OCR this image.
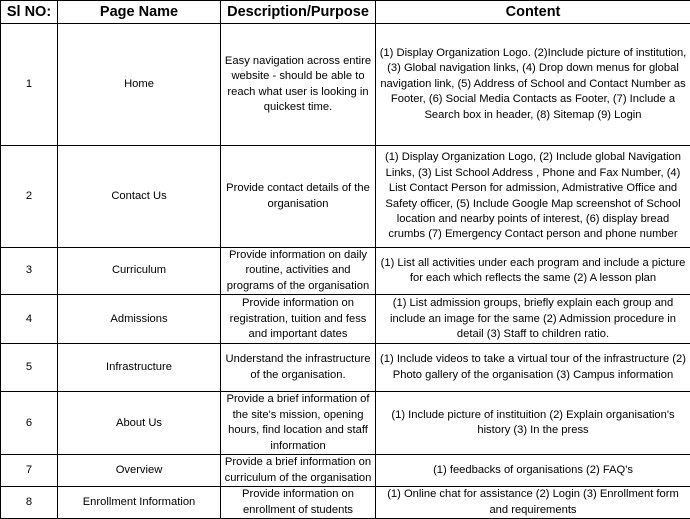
Sl NO:	Page Name	Description/Purpose	Content
1	Home	Easy navigation across entire website - should be able to reach what user is looking in quickest time.	(1) Display Organization Logo. (2)Include picture of institution, (3) Global navigation links, (4) Drop down menus for global navigation link, (5) Address of School and Contact Number as Footer, (6) Social Media Contacts as Footer, (7) Include a Search box in header, (8) Sitemap (9) Login
2	Contact Us	Provide contact details of the organisation	(1) Display Organization Logo, (2) Include global Navigation Links, (3) List School Address , Phone and Fax Number, (4) List Contact Person for admission, Admistrative Office and Safety officer, (5) Include Google Map screenshot of School location and nearby points of interest, (6) display bread crumbs (7) Emergency Contact person and phone number
3	Curriculum	Provide information on daily routine, activities and programs of the organisation	(1) List all activities under each program and include a picture for each which reflects the same (2) A lesson plan
4	Admissions	Provide information on registration, tuition and fess and important dates	(1) List admission groups, briefly explain each group and include an image for the same (2) Admission procedure in detail (3) Staff to children ratio.
5	Infrastructure	Understand the infrastructure of the organisation.	(1) Include videos to take a virtual tour of the infrastructure (2) Photo gallery of the organisation (3) Campus information
6	About Us	Provide a brief information of the site's mission, opening hours, find location and staff information	(1) Include picture of instituition (2) Explain organisation's history (3) In the press
7	Overview	Provide a brief information on curriculum of the organisation	(1) feedbacks of organisations (2) FAQ's
8	Enrollment Information	Provide information on enrollment of students	(1) Online chat for assistance (2) Login (3) Enrollment form and requirements
